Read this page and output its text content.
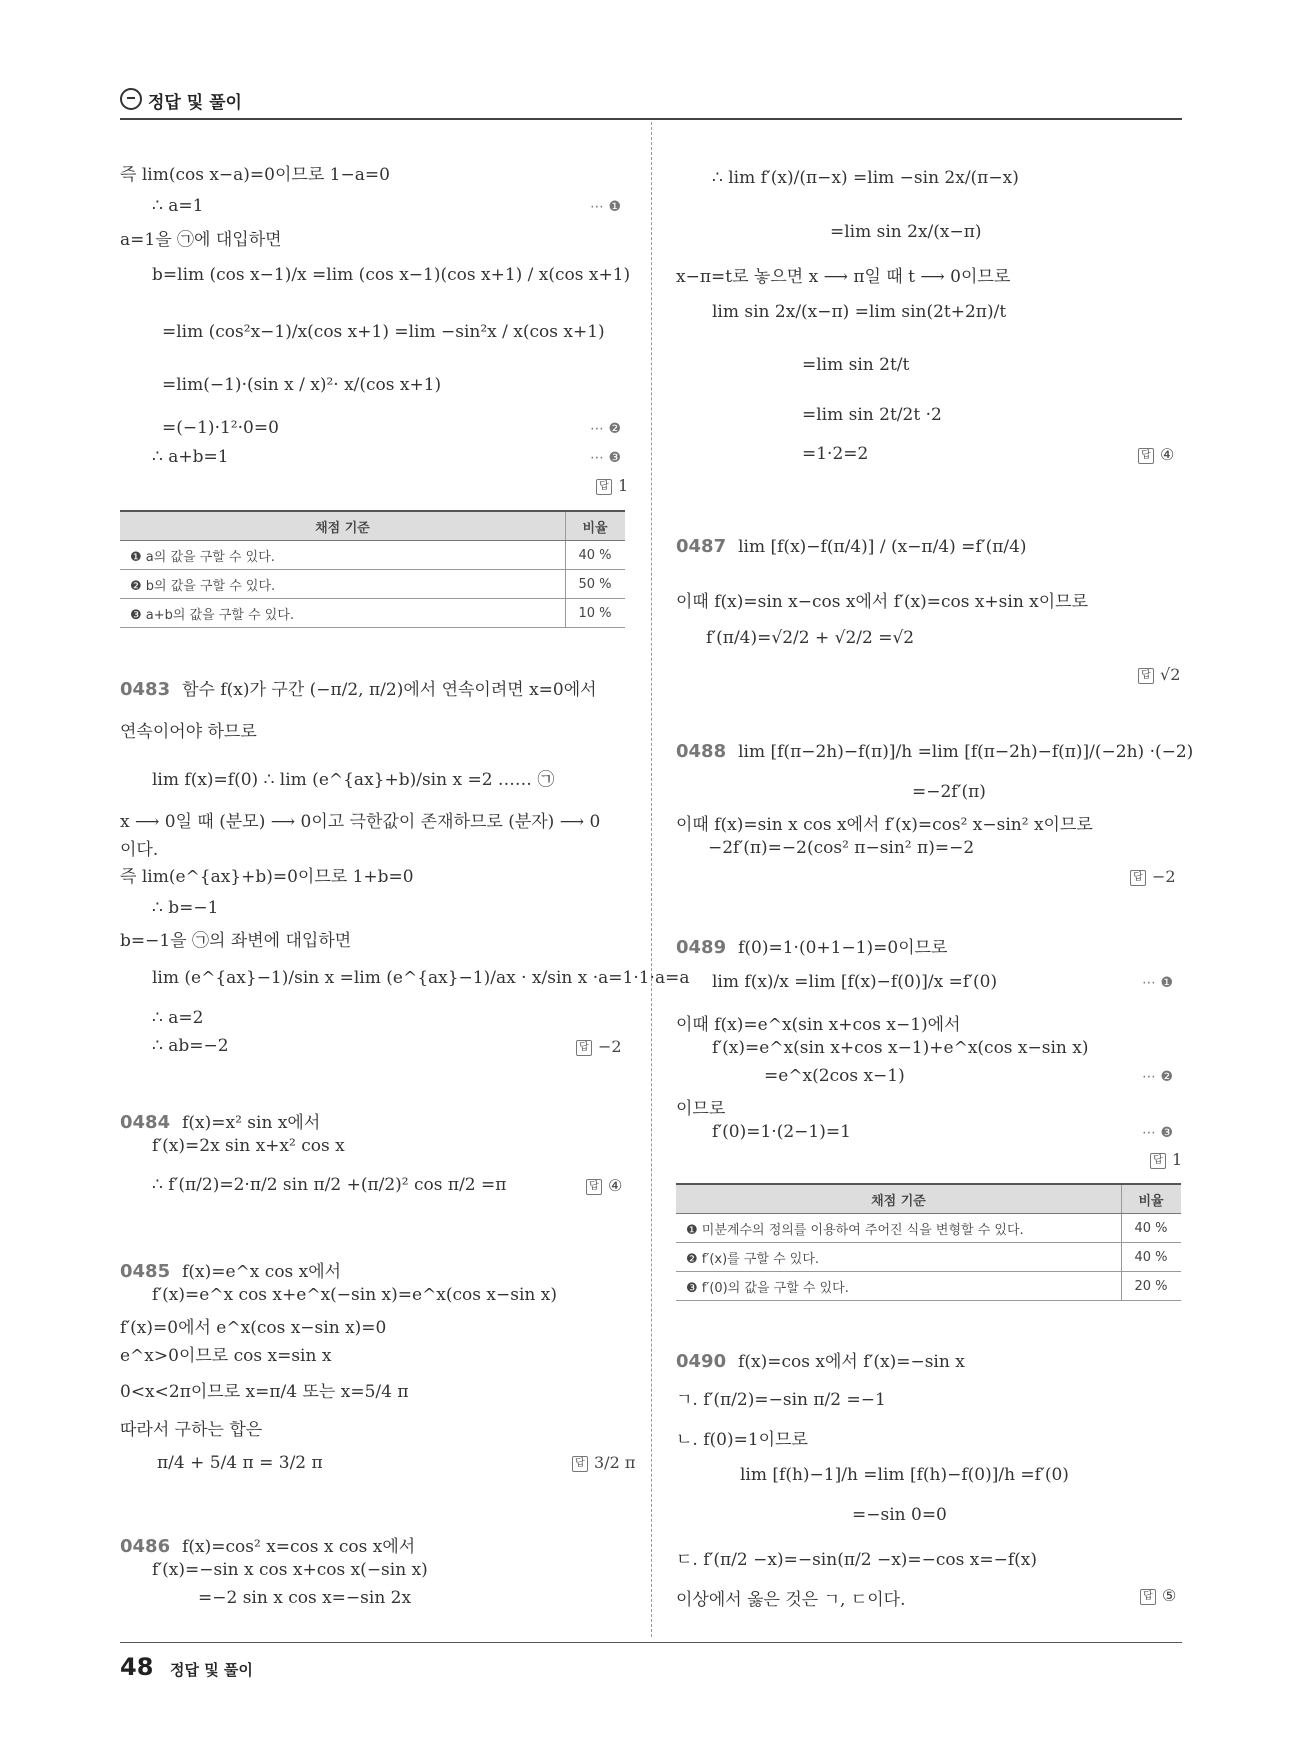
정답 및 풀이
즉 lim(cos x−a)=0이므로 1−a=0
∴ a=1	⋯ ❶
a=1을 ㉠에 대입하면
b=lim (cos x−1)/x =lim (cos x−1)(cos x+1) / x(cos x+1)
=lim (cos²x−1)/x(cos x+1) =lim −sin²x / x(cos x+1)
=lim(−1)·(sin x / x)²· x/(cos x+1)
=(−1)·1²·0=0	⋯ ❷
∴ a+b=1	⋯ ❸
답 1
채점 기준	비율
❶ a의 값을 구할 수 있다.	40 %
❷ b의 값을 구할 수 있다.	50 %
❸ a+b의 값을 구할 수 있다.	10 %
0483 함수 f(x)가 구간 (−π/2, π/2)에서 연속이려면 x=0에서
연속이어야 하므로
lim f(x)=f(0) ∴ lim (e^{ax}+b)/sin x =2 …… ㉠
x ⟶ 0일 때 (분모) ⟶ 0이고 극한값이 존재하므로 (분자) ⟶ 0
이다.
즉 lim(e^{ax}+b)=0이므로 1+b=0
∴ b=−1
b=−1을 ㉠의 좌변에 대입하면
lim (e^{ax}−1)/sin x =lim (e^{ax}−1)/ax · x/sin x ·a=1·1·a=a
∴ a=2
∴ ab=−2	답 −2
0484 f(x)=x² sin x에서
f′(x)=2x sin x+x² cos x
∴ f′(π/2)=2·π/2 sin π/2 +(π/2)² cos π/2 =π	답 ④
0485 f(x)=e^x cos x에서
f′(x)=e^x cos x+e^x(−sin x)=e^x(cos x−sin x)
f′(x)=0에서 e^x(cos x−sin x)=0
e^x>0이므로 cos x=sin x
0<x<2π이므로 x=π/4 또는 x=5/4 π
따라서 구하는 합은
π/4 + 5/4 π = 3/2 π	답 3/2 π
0486 f(x)=cos² x=cos x cos x에서
f′(x)=−sin x cos x+cos x(−sin x)
=−2 sin x cos x=−sin 2x
∴ lim f′(x)/(π−x) =lim −sin 2x/(π−x)
=lim sin 2x/(x−π)
x−π=t로 놓으면 x ⟶ π일 때 t ⟶ 0이므로
lim sin 2x/(x−π) =lim sin(2t+2π)/t
=lim sin 2t/t
=lim sin 2t/2t ·2
=1·2=2	답 ④
0487 lim [f(x)−f(π/4)] / (x−π/4) =f′(π/4)
이때 f(x)=sin x−cos x에서 f′(x)=cos x+sin x이므로
f′(π/4)=√2/2 + √2/2 =√2
답 √2
0488 lim [f(π−2h)−f(π)]/h =lim [f(π−2h)−f(π)]/(−2h) ·(−2)
=−2f′(π)
이때 f(x)=sin x cos x에서 f′(x)=cos² x−sin² x이므로
−2f′(π)=−2(cos² π−sin² π)=−2
답 −2
0489 f(0)=1·(0+1−1)=0이므로
lim f(x)/x =lim [f(x)−f(0)]/x =f′(0)	⋯ ❶
이때 f(x)=e^x(sin x+cos x−1)에서
f′(x)=e^x(sin x+cos x−1)+e^x(cos x−sin x)
=e^x(2cos x−1)	⋯ ❷
이므로
f′(0)=1·(2−1)=1	⋯ ❸
답 1
채점 기준	비율
❶ 미분계수의 정의를 이용하여 주어진 식을 변형할 수 있다.	40 %
❷ f′(x)를 구할 수 있다.	40 %
❸ f′(0)의 값을 구할 수 있다.	20 %
0490 f(x)=cos x에서 f′(x)=−sin x
ㄱ. f′(π/2)=−sin π/2 =−1
ㄴ. f(0)=1이므로
lim [f(h)−1]/h =lim [f(h)−f(0)]/h =f′(0)
=−sin 0=0
ㄷ. f′(π/2 −x)=−sin(π/2 −x)=−cos x=−f(x)
이상에서 옳은 것은 ㄱ, ㄷ이다.	답 ⑤
48 정답 및 풀이
